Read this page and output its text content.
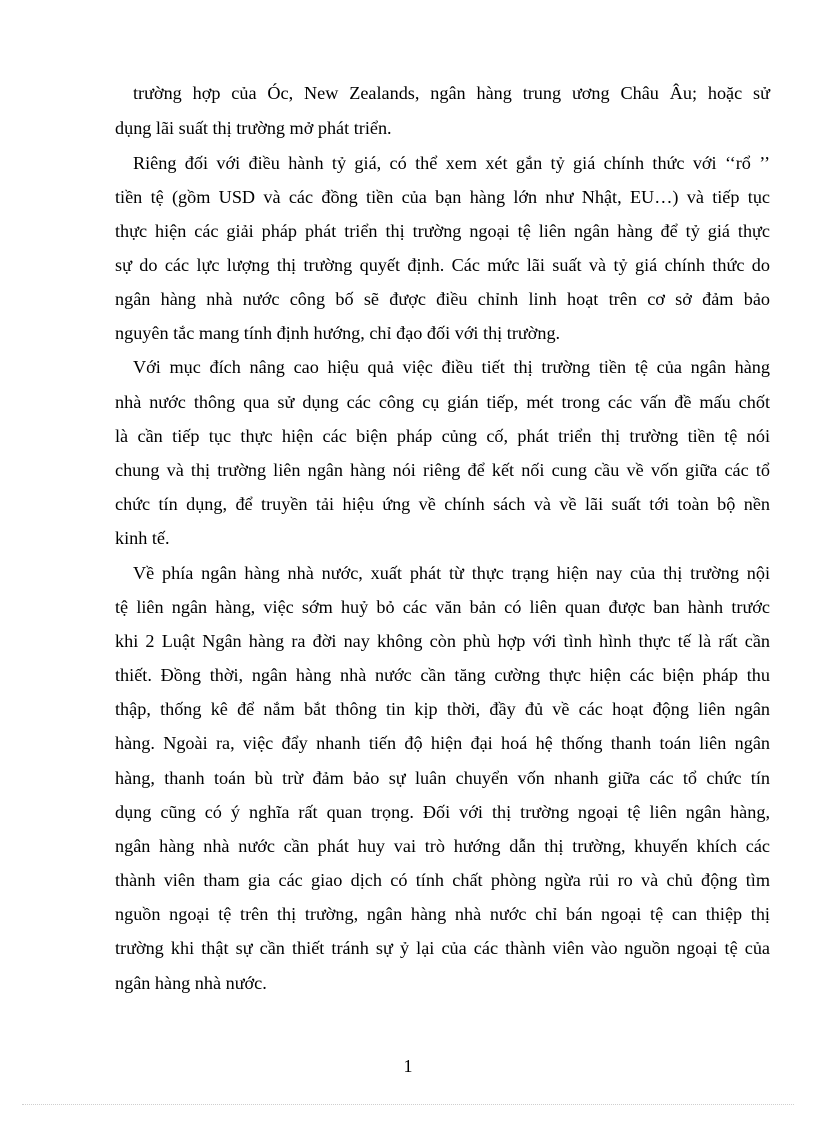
trường hợp của Óc, New Zealands, ngân hàng trung ương Châu Âu; hoặc sử
dụng lãi suất thị trường mở phát triển.
Riêng đối với điều hành tỷ giá, có thể xem xét gắn tỷ giá chính thức với ‘‘rổ ’’
tiền tệ (gồm USD và các đồng tiền của bạn hàng lớn như Nhật, EU…) và tiếp tục
thực hiện các giải pháp phát triển thị trường ngoại tệ liên ngân hàng để tỷ giá thực
sự do các lực lượng thị trường quyết định. Các mức lãi suất và tỷ giá chính thức do
ngân hàng nhà nước công bố sẽ được điều chỉnh linh hoạt trên cơ sở đảm bảo
nguyên tắc mang tính định hướng, chỉ đạo đối với thị trường.
Với mục đích nâng cao hiệu quả việc điều tiết thị trường tiền tệ của ngân hàng
nhà nước thông qua sử dụng các công cụ gián tiếp, mét trong các vấn đề mấu chốt
là cần tiếp tục thực hiện các biện pháp củng cố, phát triển thị trường tiền tệ nói
chung và thị trường liên ngân hàng nói riêng để kết nối cung cầu về vốn giữa các tổ
chức tín dụng, để truyền tải hiệu ứng về chính sách và về lãi suất tới toàn bộ nền
kinh tế.
Về phía ngân hàng nhà nước, xuất phát từ thực trạng hiện nay của thị trường nội
tệ liên ngân hàng, việc sớm huỷ bỏ các văn bản có liên quan được ban hành trước
khi 2 Luật Ngân hàng ra đời nay không còn phù hợp với tình hình thực tế là rất cần
thiết. Đồng thời, ngân hàng nhà nước cần tăng cường thực hiện các biện pháp thu
thập, thống kê để nắm bắt thông tin kịp thời, đầy đủ về các hoạt động liên ngân
hàng. Ngoài ra, việc đẩy nhanh tiến độ hiện đại hoá hệ thống thanh toán liên ngân
hàng, thanh toán bù trừ đảm bảo sự luân chuyển vốn nhanh giữa các tổ chức tín
dụng cũng có ý nghĩa rất quan trọng. Đối với thị trường ngoại tệ liên ngân hàng,
ngân hàng nhà nước cần phát huy vai trò hướng dẫn thị trường, khuyến khích các
thành viên tham gia các giao dịch có tính chất phòng ngừa rủi ro và chủ động tìm
nguồn ngoại tệ trên thị trường, ngân hàng nhà nước chỉ bán ngoại tệ can thiệp thị
trường khi thật sự cần thiết tránh sự ỷ lại của các thành viên vào nguồn ngoại tệ của
ngân hàng nhà nước.
1
